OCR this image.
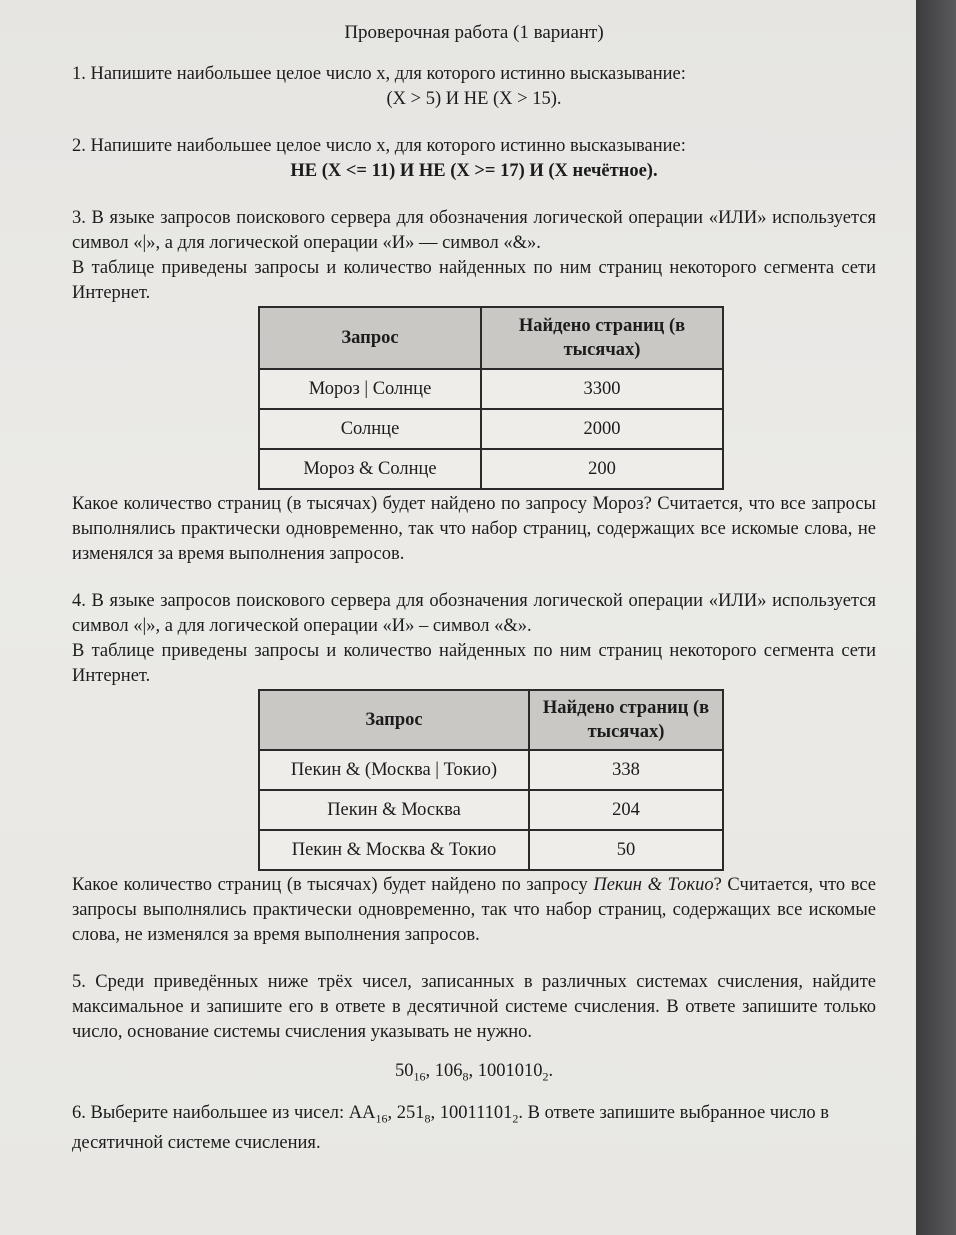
Проверочная работа (1 вариант)

1. Напишите наибольшее целое число x, для которого истинно высказывание:

(X > 5) И НЕ (X > 15).

2. Напишите наибольшее целое число x, для которого истинно высказывание:

НЕ (X <= 11) И НЕ (X >= 17) И (X нечётное).

3. В языке запросов поискового сервера для обозначения логической операции «ИЛИ» используется символ «|», а для логической операции «И» — символ «&».

В таблице приведены запросы и количество найденных по ним страниц некоторого сегмента сети Интернет.

Запрос	Найдено страниц (в тысячах)
Мороз | Солнце	3300
Солнце	2000
Мороз & Солнце	200

Какое количество страниц (в тысячах) будет найдено по запросу Мороз? Считается, что все запросы выполнялись практически одновременно, так что набор страниц, содержащих все искомые слова, не изменялся за время выполнения запросов.

4. В языке запросов поискового сервера для обозначения логической операции «ИЛИ» используется символ «|», а для логической операции «И» – символ «&».

В таблице приведены запросы и количество найденных по ним страниц некоторого сегмента сети Интернет.

Запрос	Найдено страниц (в тысячах)
Пекин & (Москва | Токио)	338
Пекин & Москва	204
Пекин & Москва & Токио	50

Какое количество страниц (в тысячах) будет найдено по запросу Пекин & Токио? Считается, что все запросы выполнялись практически одновременно, так что набор страниц, содержащих все искомые слова, не изменялся за время выполнения запросов.

5. Среди приведённых ниже трёх чисел, записанных в различных системах счисления, найдите максимальное и запишите его в ответе в десятичной системе счисления. В ответе запишите только число, основание системы счисления указывать не нужно.

$50_{16}$, $106_8$, $1001010_2$.

6. Выберите наибольшее из чисел: $AA_{16}$, $251_8$, $10011101_2$. В ответе запишите выбранное число в десятичной системе счисления.
